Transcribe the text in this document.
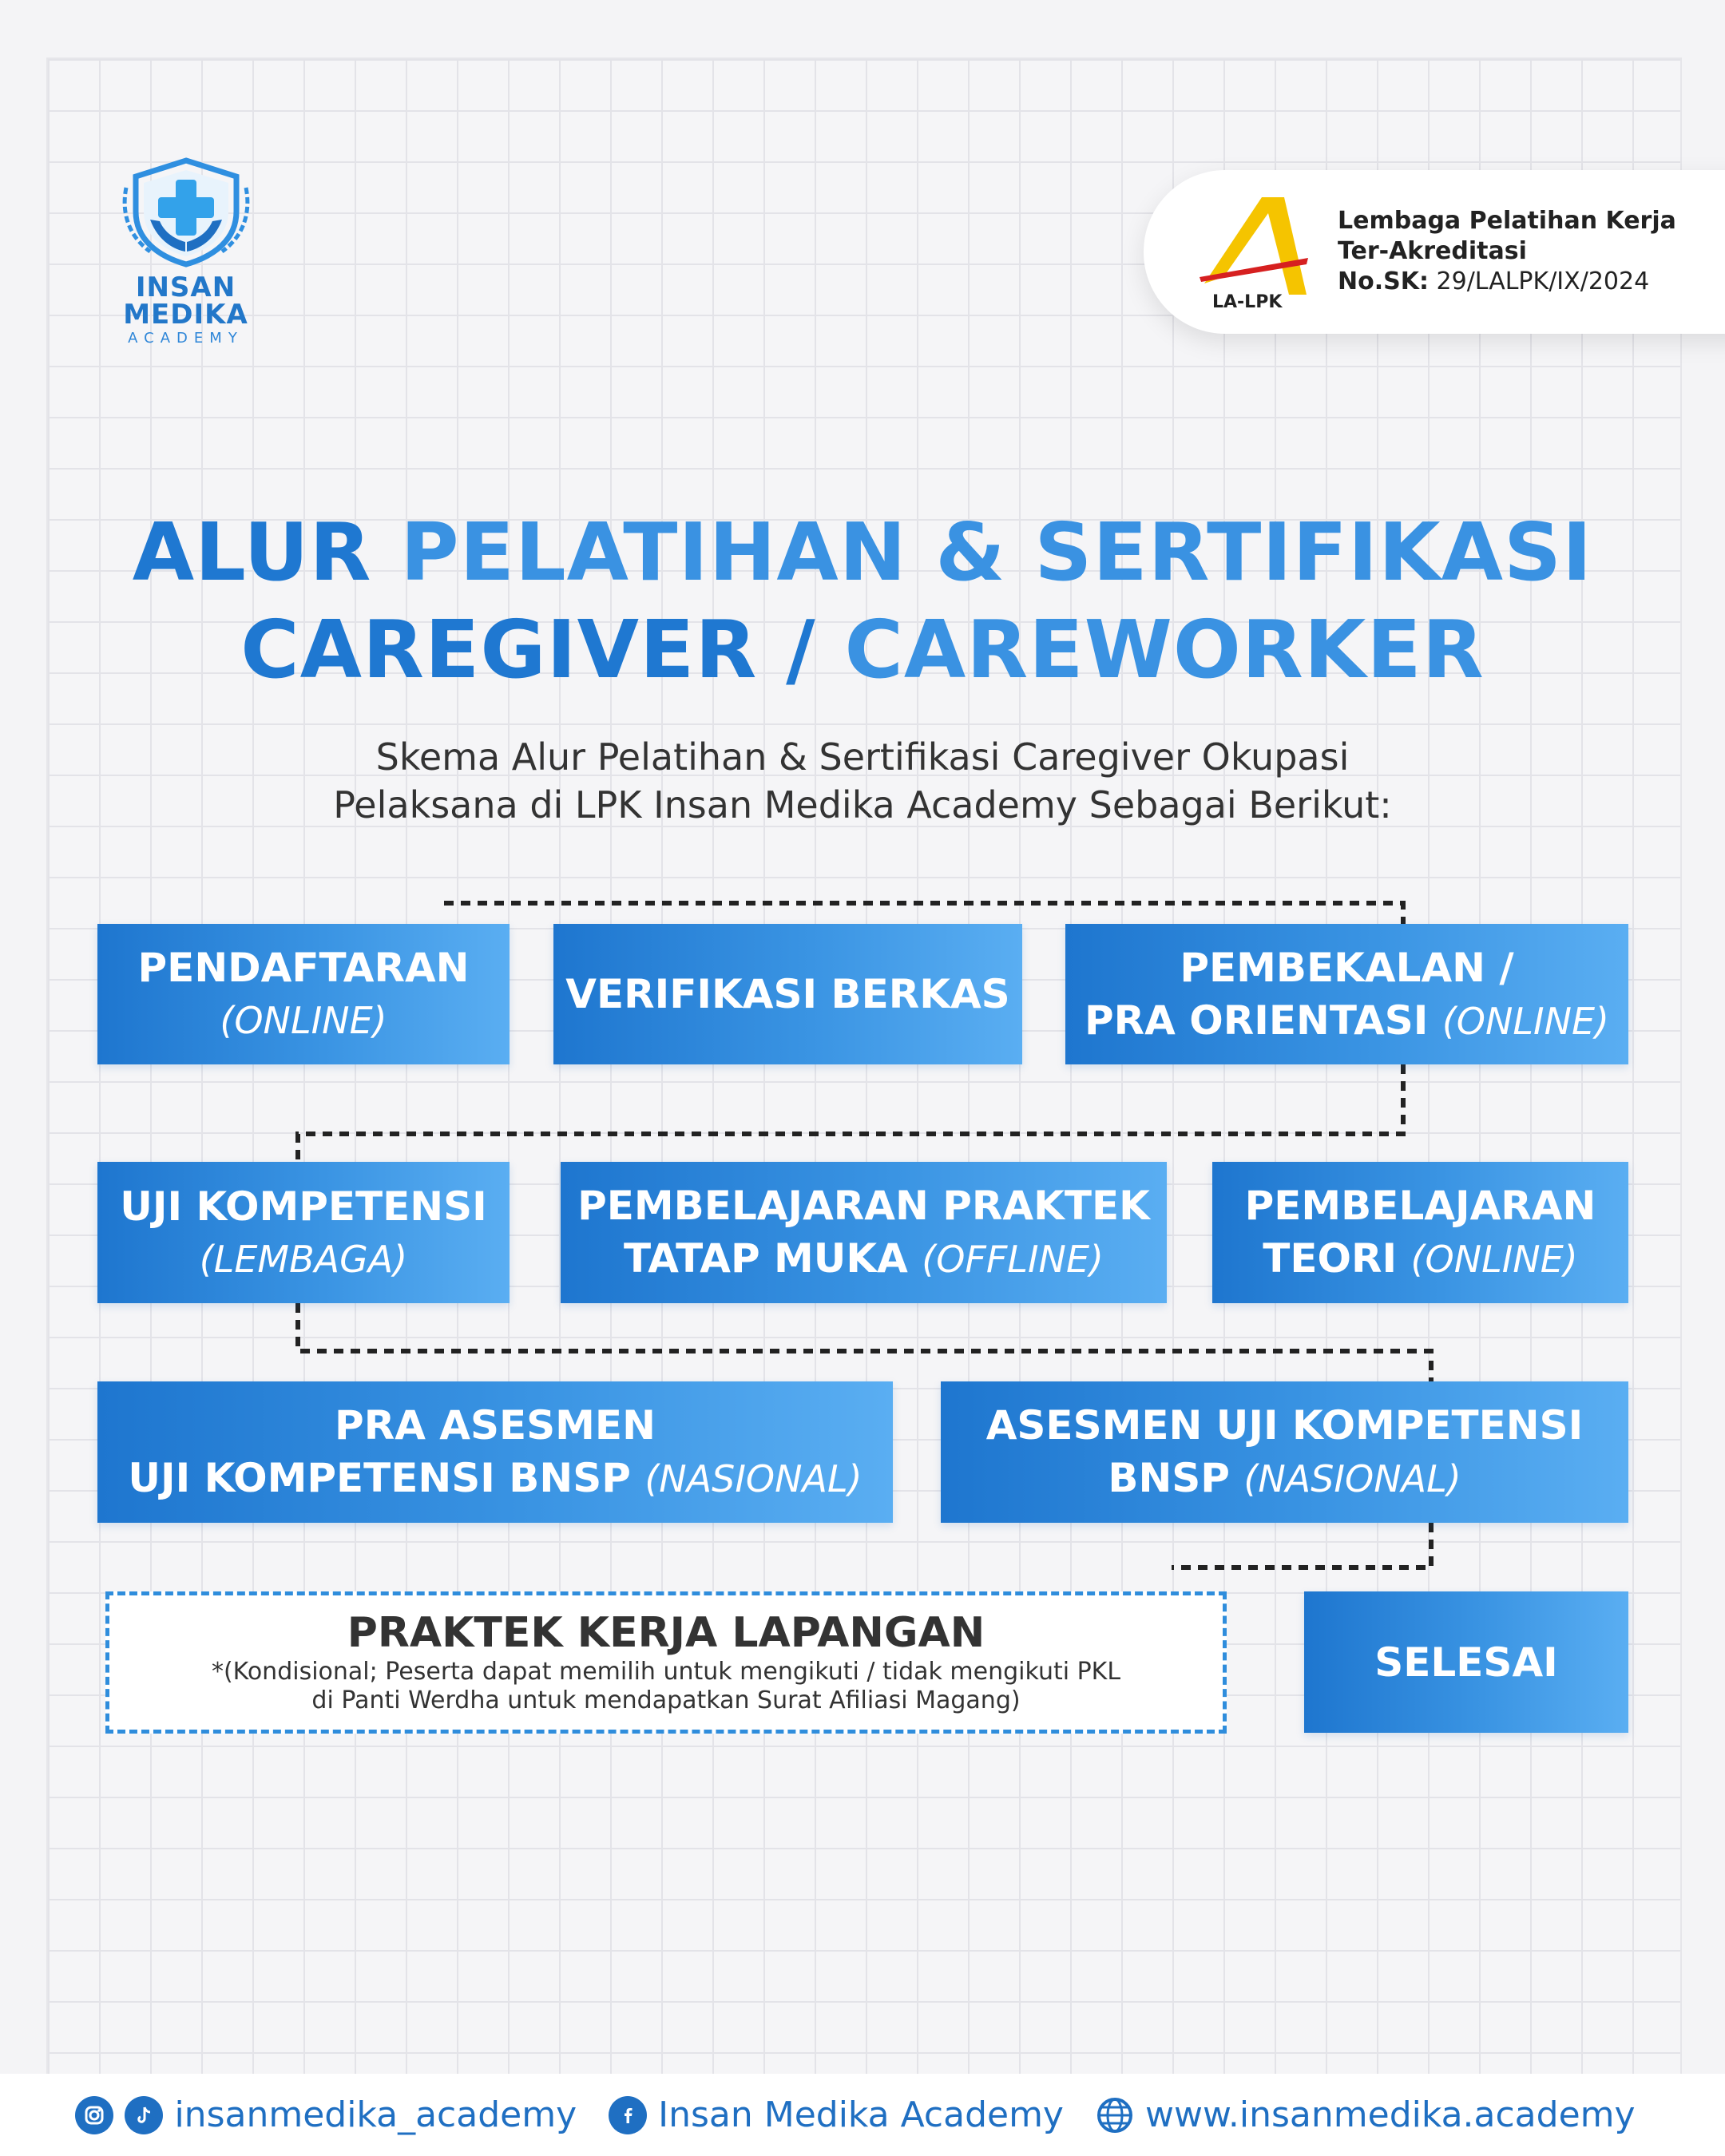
INSAN MEDIKA
ACADEMY
LA-LPK
Lembaga Pelatihan Kerja
Ter-Akreditasi
No.SK: 29/LALPK/IX/2024
ALUR PELATIHAN & SERTIFIKASI
CAREGIVER / CAREWORKER
Skema Alur Pelatihan & Sertifikasi Caregiver Okupasi
Pelaksana di LPK Insan Medika Academy Sebagai Berikut:
PENDAFTARAN
(ONLINE)
VERIFIKASI BERKAS
PEMBEKALAN /
PRA ORIENTASI (ONLINE)
UJI KOMPETENSI
(LEMBAGA)
PEMBELAJARAN PRAKTEK
TATAP MUKA (OFFLINE)
PEMBELAJARAN
TEORI (ONLINE)
PRA ASESMEN
UJI KOMPETENSI BNSP (NASIONAL)
ASESMEN UJI KOMPETENSI
BNSP (NASIONAL)
PRAKTEK KERJA LAPANGAN
*(Kondisional; Peserta dapat memilih untuk mengikuti / tidak mengikuti PKL
di Panti Werdha untuk mendapatkan Surat Afiliasi Magang)
SELESAI
insanmedika_academy Insan Medika Academy www.insanmedika.academy
